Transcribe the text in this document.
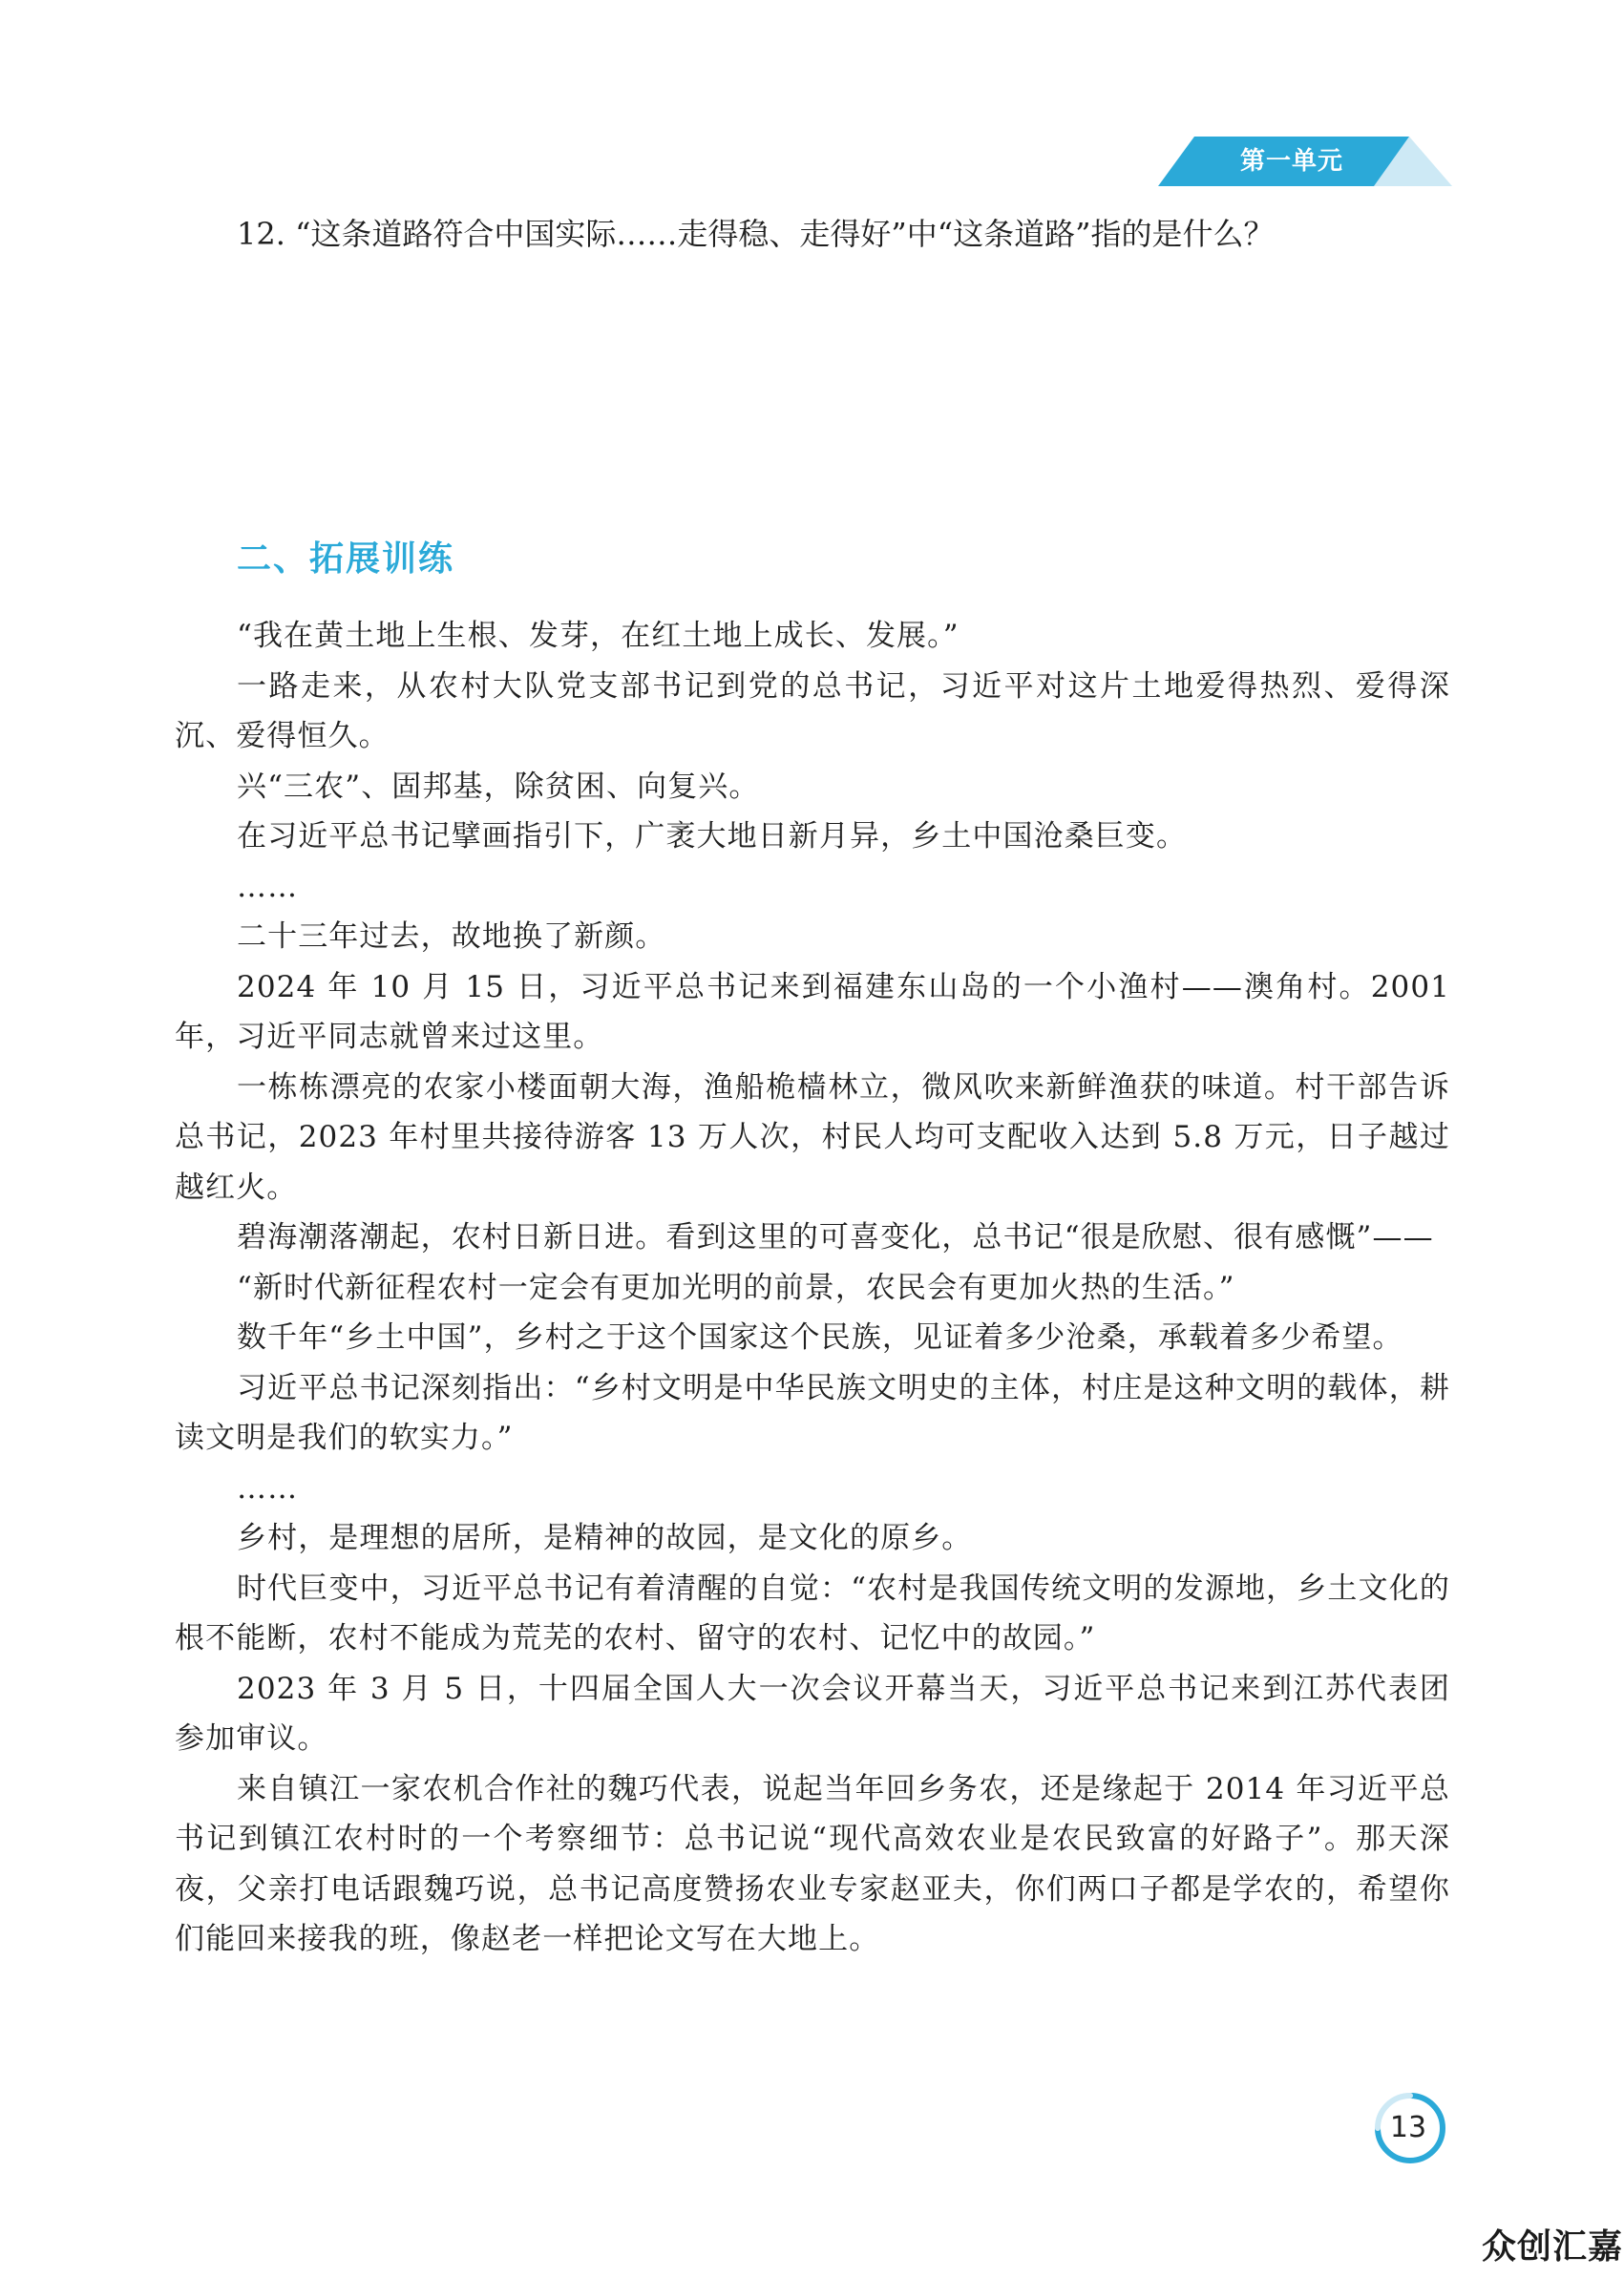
第一单元
12. “这条道路符合中国实际……走得稳、走得好”中“这条道路”指的是什么？
二、拓展训练

“我在黄土地上生根、发芽，在红土地上成长、发展。”

一路走来，从农村大队党支部书记到党的总书记，习近平对这片土地爱得热烈、爱得深沉、爱得恒久。

兴“三农”、固邦基，除贫困、向复兴。

在习近平总书记擘画指引下，广袤大地日新月异，乡土中国沧桑巨变。

……

二十三年过去，故地换了新颜。

2024 年 10 月 15 日，习近平总书记来到福建东山岛的一个小渔村——澳角村。2001 年，习近平同志就曾来过这里。

一栋栋漂亮的农家小楼面朝大海，渔船桅樯林立，微风吹来新鲜渔获的味道。村干部告诉总书记，2023 年村里共接待游客 13 万人次，村民人均可支配收入达到 5.8 万元，日子越过越红火。

碧海潮落潮起，农村日新日进。看到这里的可喜变化，总书记“很是欣慰、很有感慨”——

“新时代新征程农村一定会有更加光明的前景，农民会有更加火热的生活。”

数千年“乡土中国”，乡村之于这个国家这个民族，见证着多少沧桑，承载着多少希望。

习近平总书记深刻指出：“乡村文明是中华民族文明史的主体，村庄是这种文明的载体，耕读文明是我们的软实力。”

……

乡村，是理想的居所，是精神的故园，是文化的原乡。

时代巨变中，习近平总书记有着清醒的自觉：“农村是我国传统文明的发源地，乡土文化的根不能断，农村不能成为荒芜的农村、留守的农村、记忆中的故园。”

2023 年 3 月 5 日，十四届全国人大一次会议开幕当天，习近平总书记来到江苏代表团参加审议。

来自镇江一家农机合作社的魏巧代表，说起当年回乡务农，还是缘起于 2014 年习近平总书记到镇江农村时的一个考察细节：总书记说“现代高效农业是农民致富的好路子”。那天深夜，父亲打电话跟魏巧说，总书记高度赞扬农业专家赵亚夫，你们两口子都是学农的，希望你们能回来接我的班，像赵老一样把论文写在大地上。

13
众创汇嘉
